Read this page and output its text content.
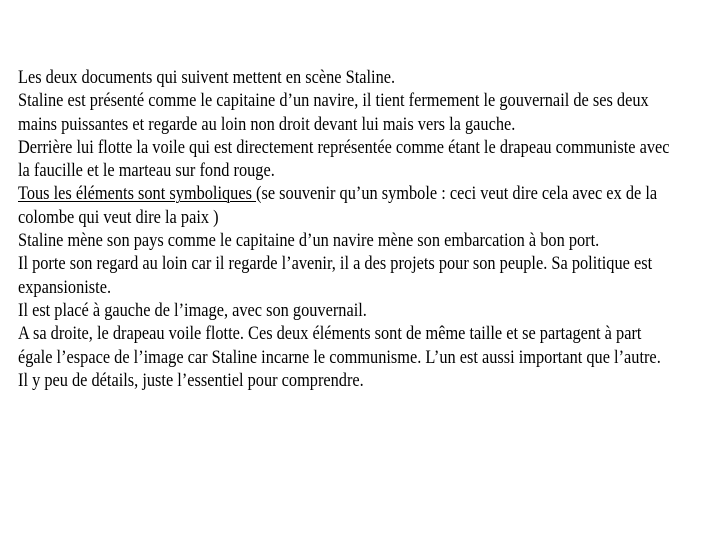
Les deux documents qui suivent mettent en scène Staline.
Staline est présenté comme le capitaine d’un navire, il tient fermement le gouvernail de ses deux
mains puissantes et regarde au loin non droit devant lui mais vers la gauche.
Derrière lui flotte la voile qui est directement représentée comme étant le drapeau communiste avec
la faucille et le marteau sur fond rouge.
Tous les éléments sont symboliques (se souvenir qu’un symbole : ceci veut dire cela avec ex de la
colombe qui veut dire la paix )
Staline mène son pays comme le capitaine d’un navire mène son embarcation à bon port.
Il porte son regard au loin car il regarde l’avenir, il a des projets pour son peuple. Sa politique est
expansioniste.
Il est placé à gauche de l’image, avec son gouvernail.
A sa droite, le drapeau voile flotte. Ces deux éléments sont de même taille et se partagent à part
égale l’espace de l’image car Staline incarne le communisme. L’un est aussi important que l’autre.
Il y peu de détails, juste l’essentiel pour comprendre.
